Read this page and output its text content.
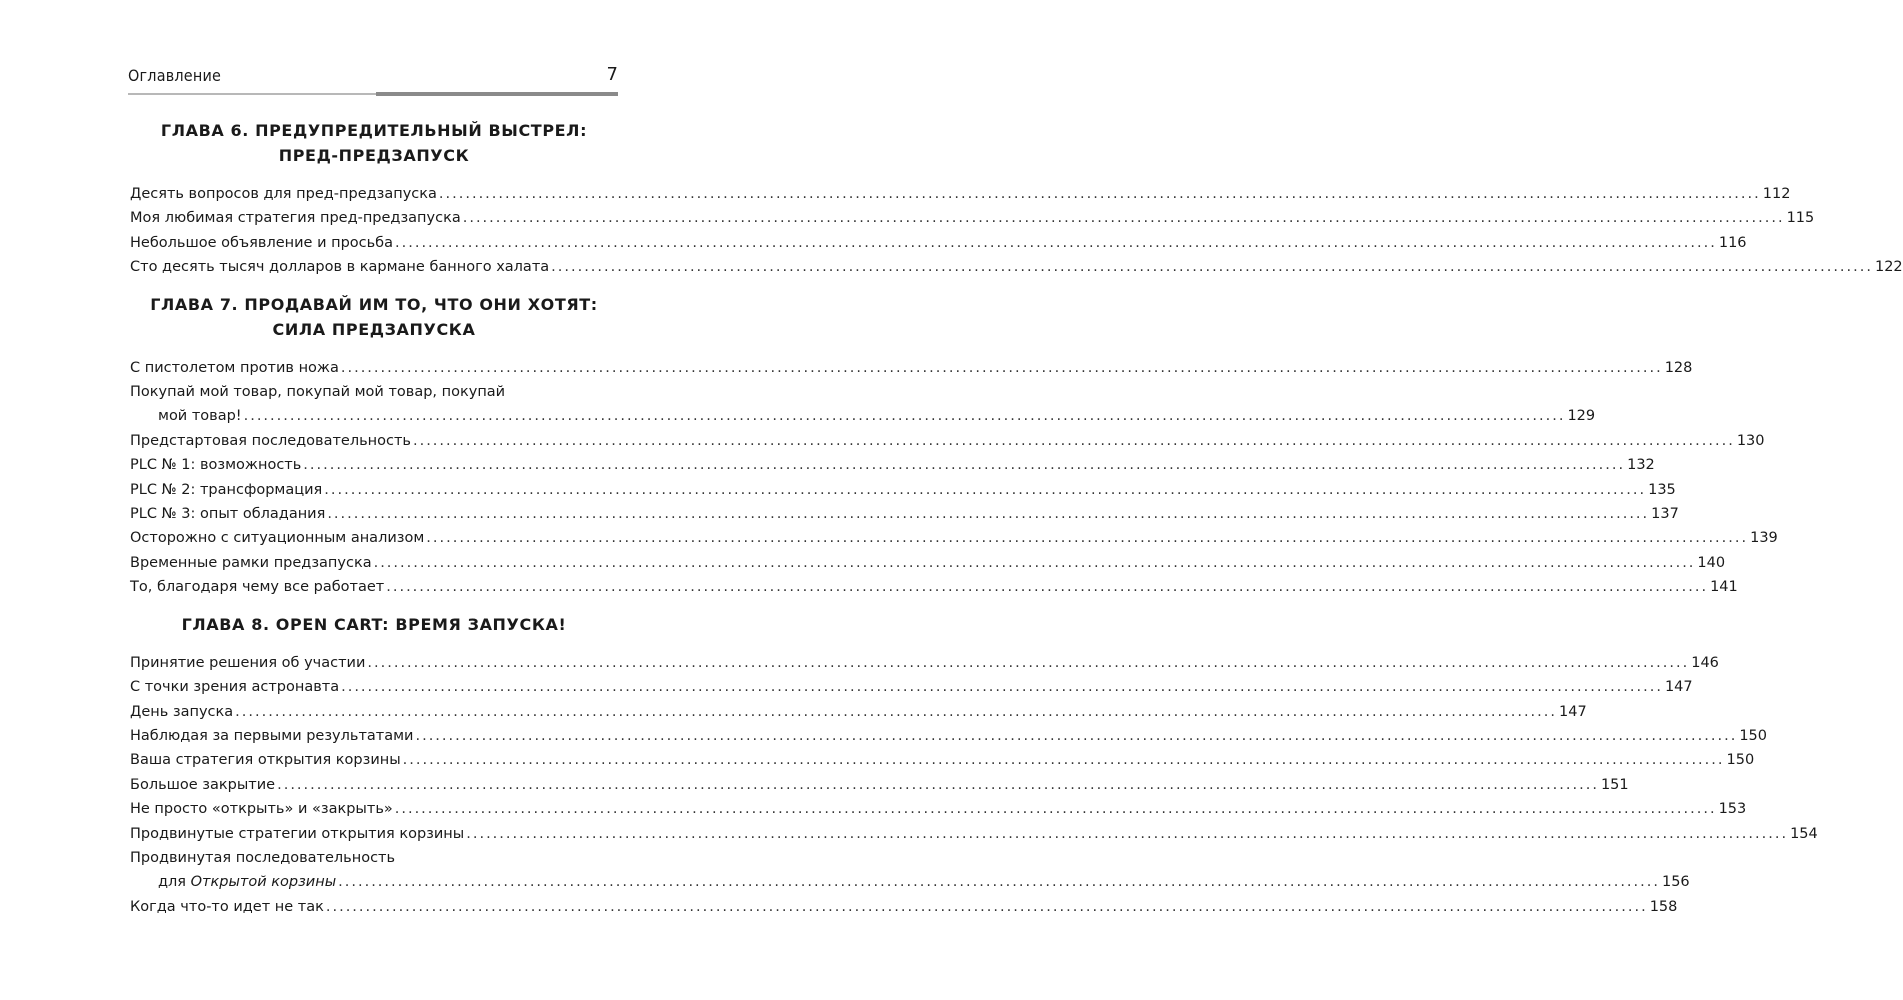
Оглавление	7
ГЛАВА 6. ПРЕДУПРЕДИТЕЛЬНЫЙ ВЫСТРЕЛ:
ПРЕД-ПРЕДЗАПУСК
Десять вопросов для пред-предзапуска ........................................................................................................................................................................................................ 112
Моя любимая стратегия пред-предзапуска ........................................................................................................................................................................................................ 115
Небольшое объявление и просьба ........................................................................................................................................................................................................ 116
Сто десять тысяч долларов в кармане банного халата ........................................................................................................................................................................................................ 122
ГЛАВА 7. ПРОДАВАЙ ИМ ТО, ЧТО ОНИ ХОТЯТ:
СИЛА ПРЕДЗАПУСКА
С пистолетом против ножа ........................................................................................................................................................................................................ 128
Покупай мой товар, покупай мой товар, покупай
мой товар! ........................................................................................................................................................................................................ 129
Предстартовая последовательность ........................................................................................................................................................................................................ 130
PLC № 1: возможность ........................................................................................................................................................................................................ 132
PLC № 2: трансформация ........................................................................................................................................................................................................ 135
PLC № 3: опыт обладания ........................................................................................................................................................................................................ 137
Осторожно с ситуационным анализом ........................................................................................................................................................................................................ 139
Временные рамки предзапуска ........................................................................................................................................................................................................ 140
То, благодаря чему все работает ........................................................................................................................................................................................................ 141
ГЛАВА 8. OPEN CART: ВРЕМЯ ЗАПУСКА!
Принятие решения об участии ........................................................................................................................................................................................................ 146
С точки зрения астронавта ........................................................................................................................................................................................................ 147
День запуска ........................................................................................................................................................................................................ 147
Наблюдая за первыми результатами ........................................................................................................................................................................................................ 150
Ваша стратегия открытия корзины ........................................................................................................................................................................................................ 150
Большое закрытие ........................................................................................................................................................................................................ 151
Не просто «открыть» и «закрыть» ........................................................................................................................................................................................................ 153
Продвинутые стратегии открытия корзины ........................................................................................................................................................................................................ 154
Продвинутая последовательность
для Открытой корзины ........................................................................................................................................................................................................ 156
Когда что-то идет не так ........................................................................................................................................................................................................ 158
